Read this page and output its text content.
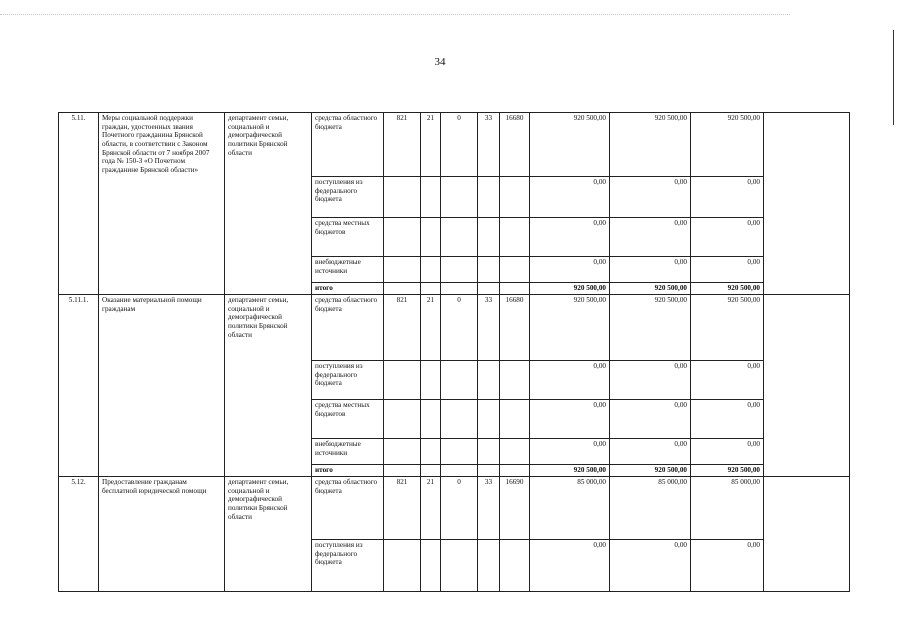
34
5.11.	Меры социальной поддержки граждан, удостоенных звания Почетного гражданина Брянской области, в соответствии с Законом Брянской области от 7 ноября 2007 года № 150-З «О Почетном гражданине Брянской области»	департамент семьи, социальной и демографической политики Брянской области	средства областного бюджета	821	21	0	33	16680	920 500,00	920 500,00	920 500,00	
			поступления из федерального бюджета						0,00	0,00	0,00	
			средства местных бюджетов						0,00	0,00	0,00	
			внебюджетные источники						0,00	0,00	0,00	
			итого						920 500,00	920 500,00	920 500,00	
5.11.1.	Оказание материальной помощи гражданам	департамент семьи, социальной и демографической политики Брянской области	средства областного бюджета	821	21	0	33	16680	920 500,00	920 500,00	920 500,00	
			поступления из федерального бюджета						0,00	0,00	0,00	
			средства местных бюджетов						0,00	0,00	0,00	
			внебюджетные источники						0,00	0,00	0,00	
			итого						920 500,00	920 500,00	920 500,00	
5.12.	Предоставление гражданам бесплатной юридической помощи	департамент семьи, социальной и демографической политики Брянской области	средства областного бюджета	821	21	0	33	16690	85 000,00	85 000,00	85 000,00	
			поступления из федерального бюджета						0,00	0,00	0,00	
